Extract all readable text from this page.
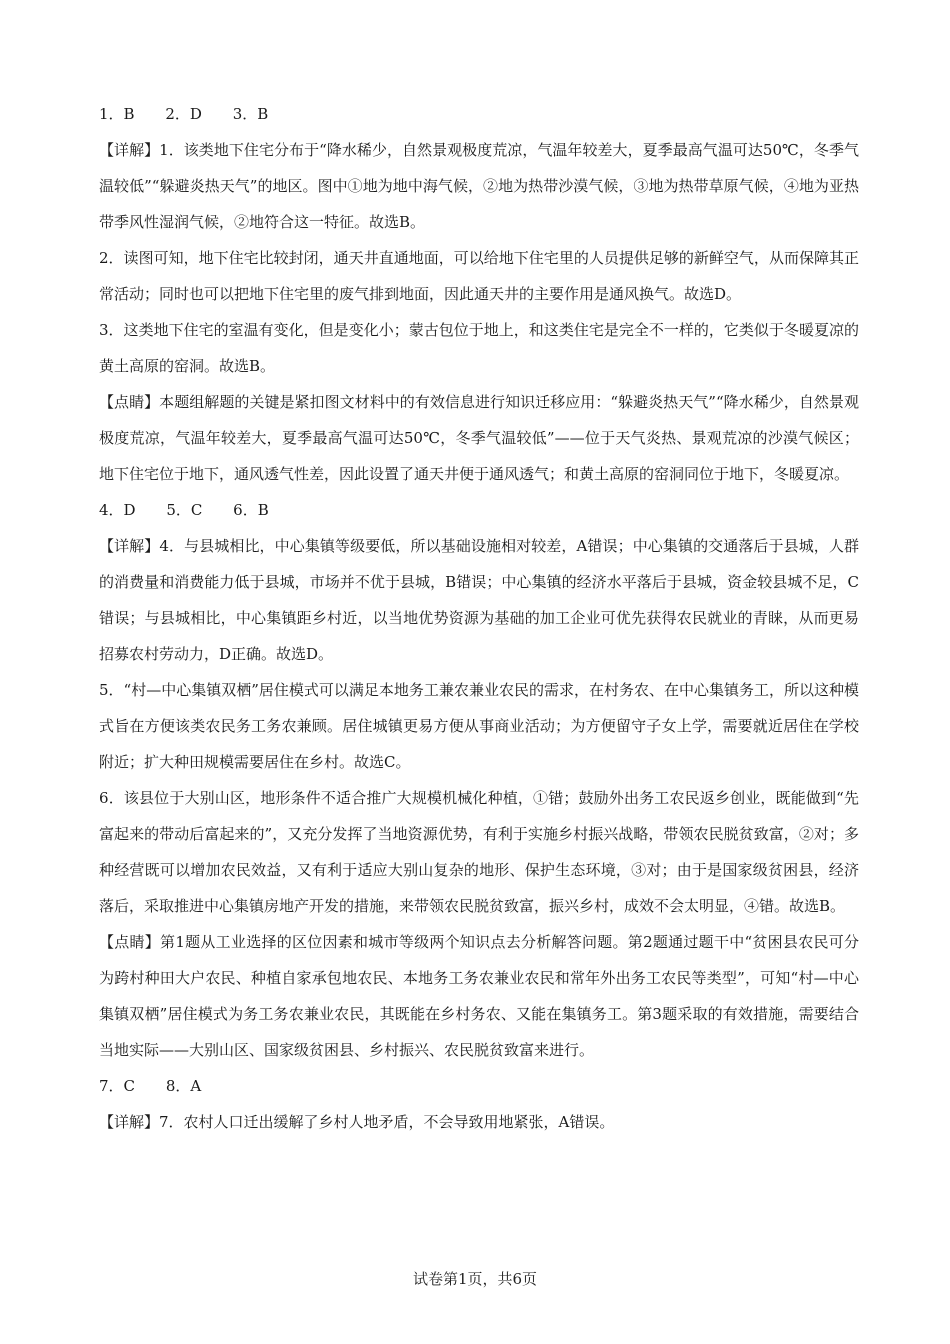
1．B 2．D 3．B
【详解】1．该类地下住宅分布于“降水稀少，自然景观极度荒凉，气温年较差大，夏季最高气温可达50℃，冬季气温较低”“躲避炎热天气”的地区。图中①地为地中海气候，②地为热带沙漠气候，③地为热带草原气候，④地为亚热带季风性湿润气候，②地符合这一特征。故选B。
2．读图可知，地下住宅比较封闭，通天井直通地面，可以给地下住宅里的人员提供足够的新鲜空气，从而保障其正常活动；同时也可以把地下住宅里的废气排到地面，因此通天井的主要作用是通风换气。故选D。
3．这类地下住宅的室温有变化，但是变化小；蒙古包位于地上，和这类住宅是完全不一样的，它类似于冬暖夏凉的黄土高原的窑洞。故选B。
【点睛】本题组解题的关键是紧扣图文材料中的有效信息进行知识迁移应用：“躲避炎热天气”“降水稀少，自然景观极度荒凉，气温年较差大，夏季最高气温可达50℃，冬季气温较低”——位于天气炎热、景观荒凉的沙漠气候区；地下住宅位于地下，通风透气性差，因此设置了通天井便于通风透气；和黄土高原的窑洞同位于地下，冬暖夏凉。
4．D 5．C 6．B
【详解】4．与县城相比，中心集镇等级要低，所以基础设施相对较差，A错误；中心集镇的交通落后于县城，人群的消费量和消费能力低于县城，市场并不优于县城，B错误；中心集镇的经济水平落后于县城，资金较县城不足，C错误；与县城相比，中心集镇距乡村近，以当地优势资源为基础的加工企业可优先获得农民就业的青睐，从而更易招募农村劳动力，D正确。故选D。
5．“村—中心集镇双栖”居住模式可以满足本地务工兼农兼业农民的需求，在村务农、在中心集镇务工，所以这种模式旨在方便该类农民务工务农兼顾。居住城镇更易方便从事商业活动；为方便留守子女上学，需要就近居住在学校附近；扩大种田规模需要居住在乡村。故选C。
6．该县位于大别山区，地形条件不适合推广大规模机械化种植，①错；鼓励外出务工农民返乡创业，既能做到“先富起来的带动后富起来的”，又充分发挥了当地资源优势，有利于实施乡村振兴战略，带领农民脱贫致富，②对；多种经营既可以增加农民效益，又有利于适应大别山复杂的地形、保护生态环境，③对；由于是国家级贫困县，经济落后，采取推进中心集镇房地产开发的措施，来带领农民脱贫致富，振兴乡村，成效不会太明显，④错。故选B。
【点睛】第1题从工业选择的区位因素和城市等级两个知识点去分析解答问题。第2题通过题干中“贫困县农民可分为跨村种田大户农民、种植自家承包地农民、本地务工务农兼业农民和常年外出务工农民等类型”，可知“村—中心集镇双栖”居住模式为务工务农兼业农民，其既能在乡村务农、又能在集镇务工。第3题采取的有效措施，需要结合当地实际——大别山区、国家级贫困县、乡村振兴、农民脱贫致富来进行。
7．C 8．A
【详解】7．农村人口迁出缓解了乡村人地矛盾，不会导致用地紧张，A错误。
试卷第1页，共6页
